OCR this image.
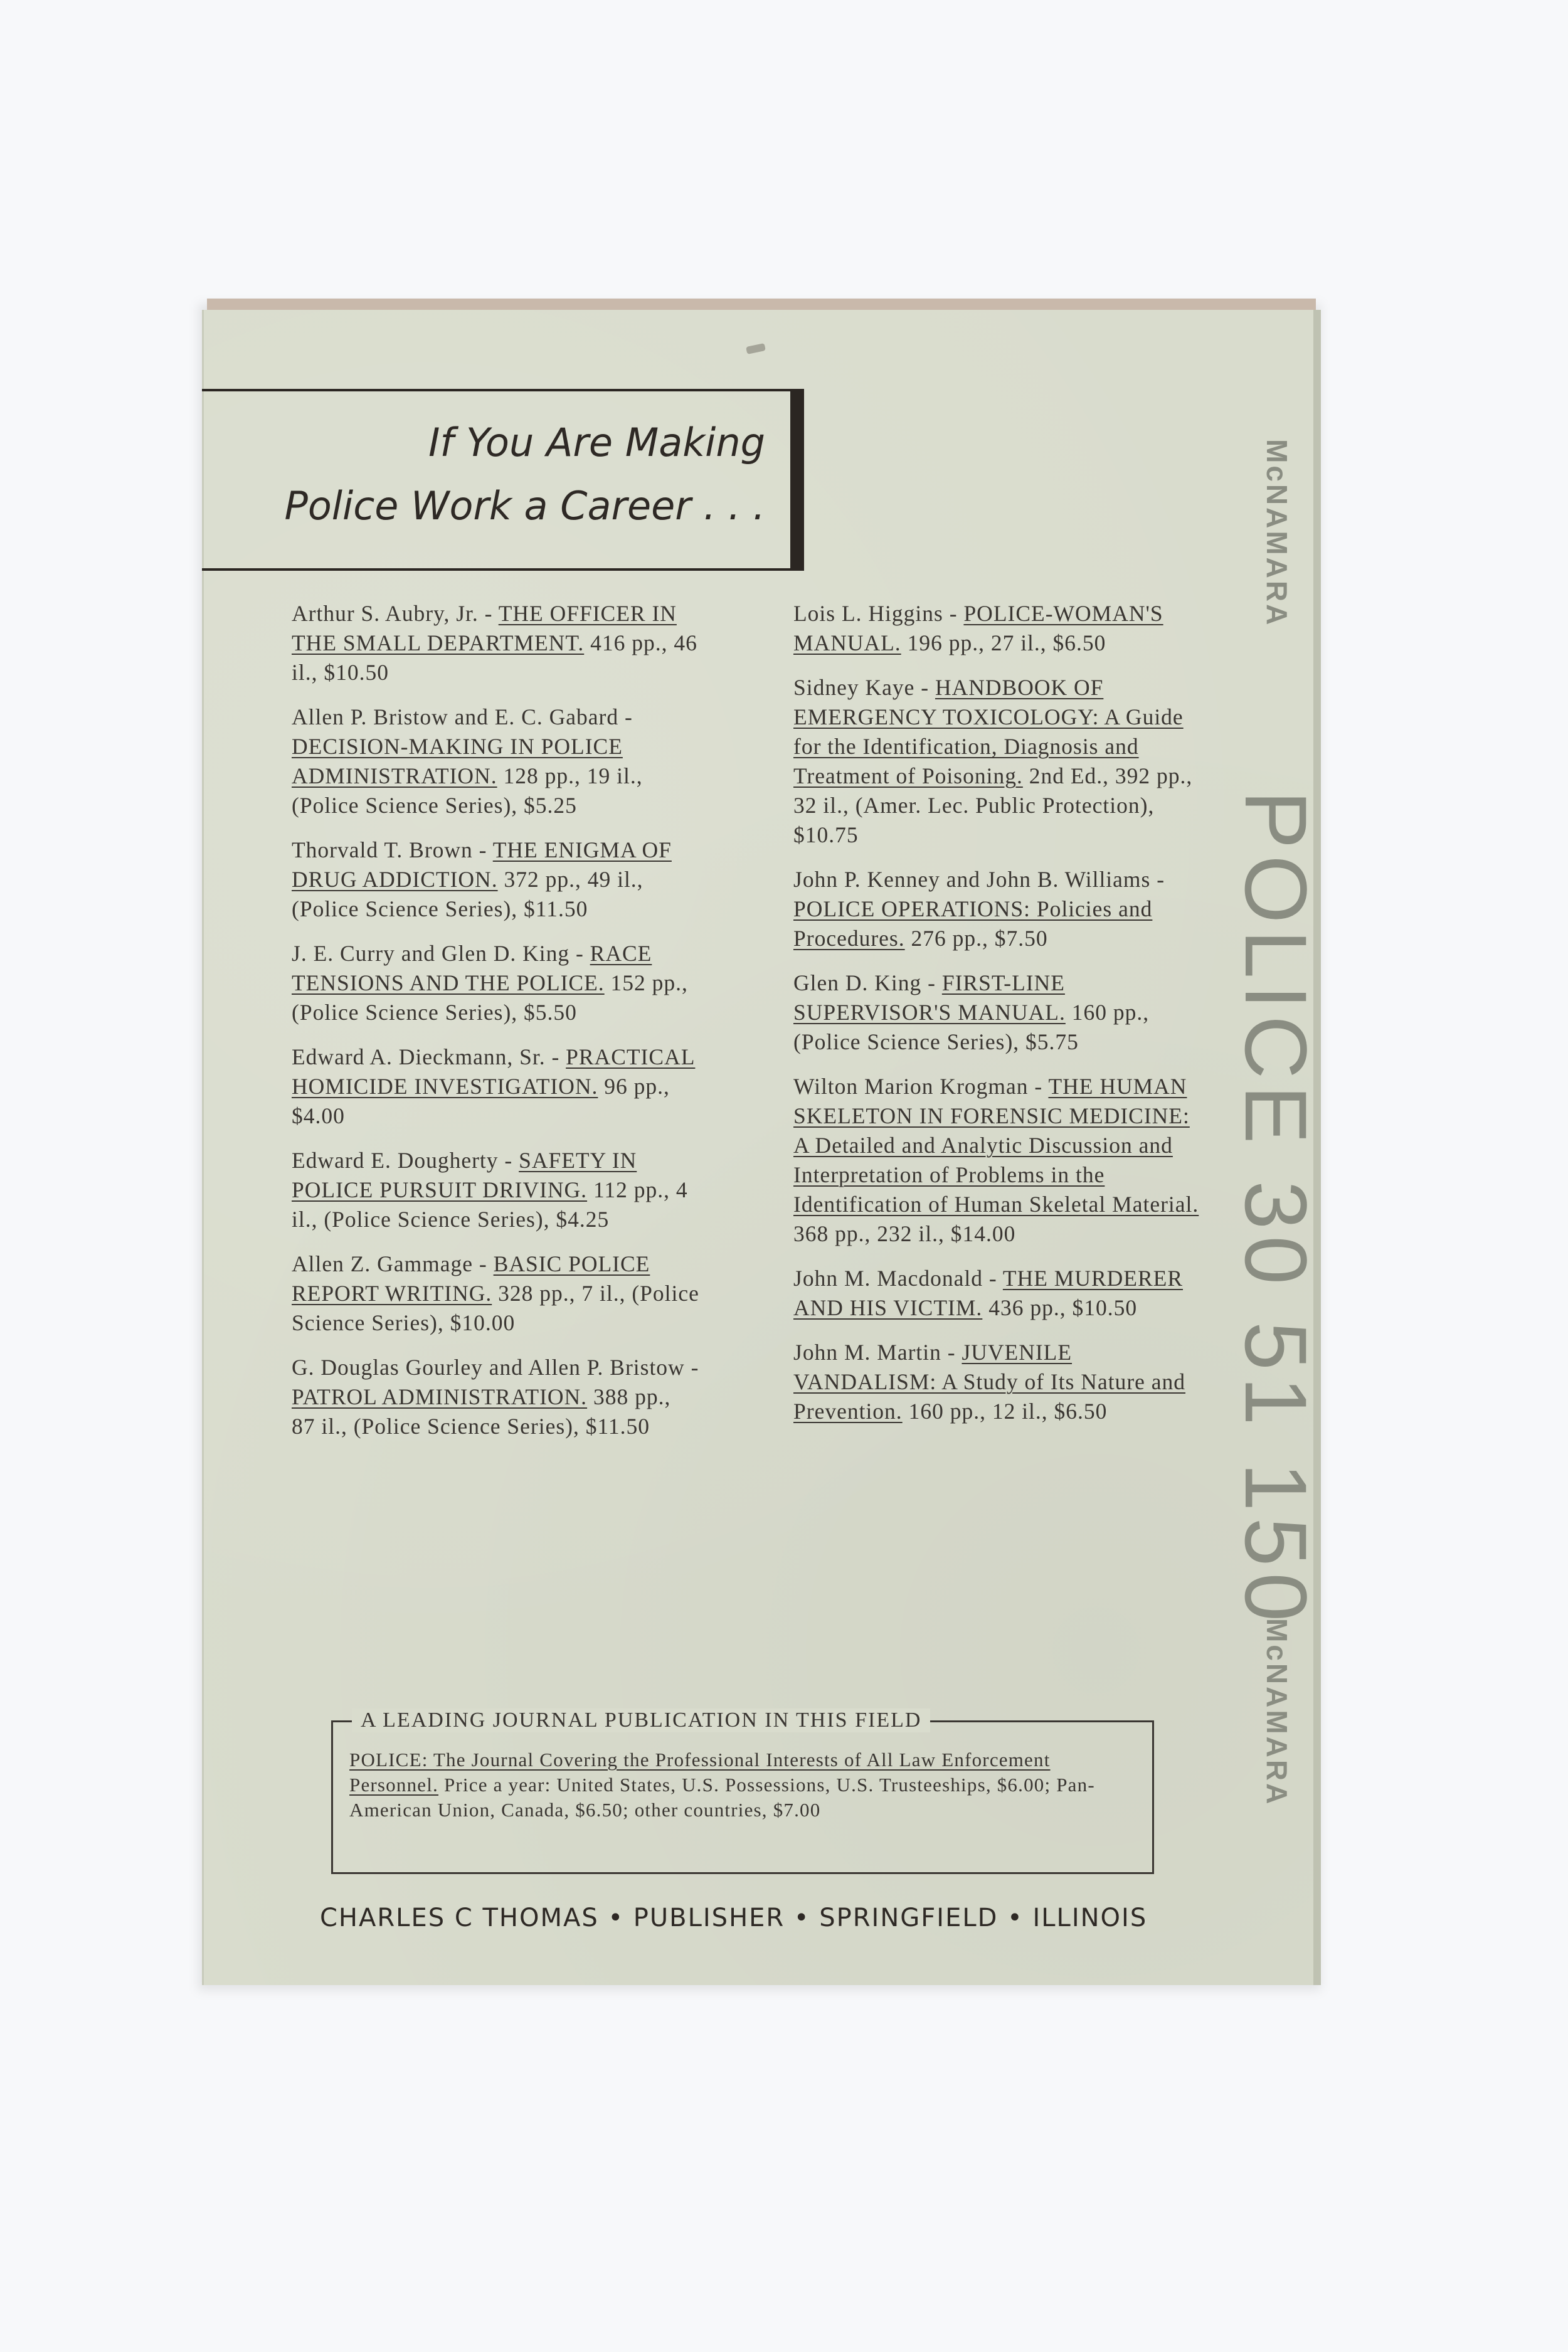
McNAMARA
POLICE 30 51 150
McNAMARA
If You Are Making
Police Work a Career . . .
Arthur S. Aubry, Jr. - THE OFFICER IN THE SMALL DEPARTMENT. 416 pp., 46 il., $10.50
Allen P. Bristow and E. C. Gabard - DECISION-MAKING IN POLICE ADMINISTRATION. 128 pp., 19 il., (Police Science Series), $5.25
Thorvald T. Brown - THE ENIGMA OF DRUG ADDICTION. 372 pp., 49 il., (Police Science Series), $11.50
J. E. Curry and Glen D. King - RACE TENSIONS AND THE POLICE. 152 pp., (Police Science Series), $5.50
Edward A. Dieckmann, Sr. - PRACTICAL HOMICIDE INVESTIGATION. 96 pp., $4.00
Edward E. Dougherty - SAFETY IN POLICE PURSUIT DRIVING. 112 pp., 4 il., (Police Science Series), $4.25
Allen Z. Gammage - BASIC POLICE REPORT WRITING. 328 pp., 7 il., (Police Science Series), $10.00
G. Douglas Gourley and Allen P. Bristow - PATROL ADMINISTRATION. 388 pp., 87 il., (Police Science Series), $11.50
Lois L. Higgins - POLICE-WOMAN'S MANUAL. 196 pp., 27 il., $6.50
Sidney Kaye - HANDBOOK OF EMERGENCY TOXICOLOGY: A Guide for the Identification, Diagnosis and Treatment of Poisoning. 2nd Ed., 392 pp., 32 il., (Amer. Lec. Public Protection), $10.75
John P. Kenney and John B. Williams - POLICE OPERATIONS: Policies and Procedures. 276 pp., $7.50
Glen D. King - FIRST-LINE SUPERVISOR'S MANUAL. 160 pp., (Police Science Series), $5.75
Wilton Marion Krogman - THE HUMAN SKELETON IN FORENSIC MEDICINE: A Detailed and Analytic Discussion and Interpretation of Problems in the Identification of Human Skeletal Material. 368 pp., 232 il., $14.00
John M. Macdonald - THE MURDERER AND HIS VICTIM. 436 pp., $10.50
John M. Martin - JUVENILE VANDALISM: A Study of Its Nature and Prevention. 160 pp., 12 il., $6.50
A LEADING JOURNAL PUBLICATION IN THIS FIELD
POLICE: The Journal Covering the Professional Interests of All Law Enforcement Personnel. Price a year: United States, U.S. Possessions, U.S. Trusteeships, $6.00; Pan-American Union, Canada, $6.50; other countries, $7.00
CHARLES C THOMAS • PUBLISHER • SPRINGFIELD • ILLINOIS
